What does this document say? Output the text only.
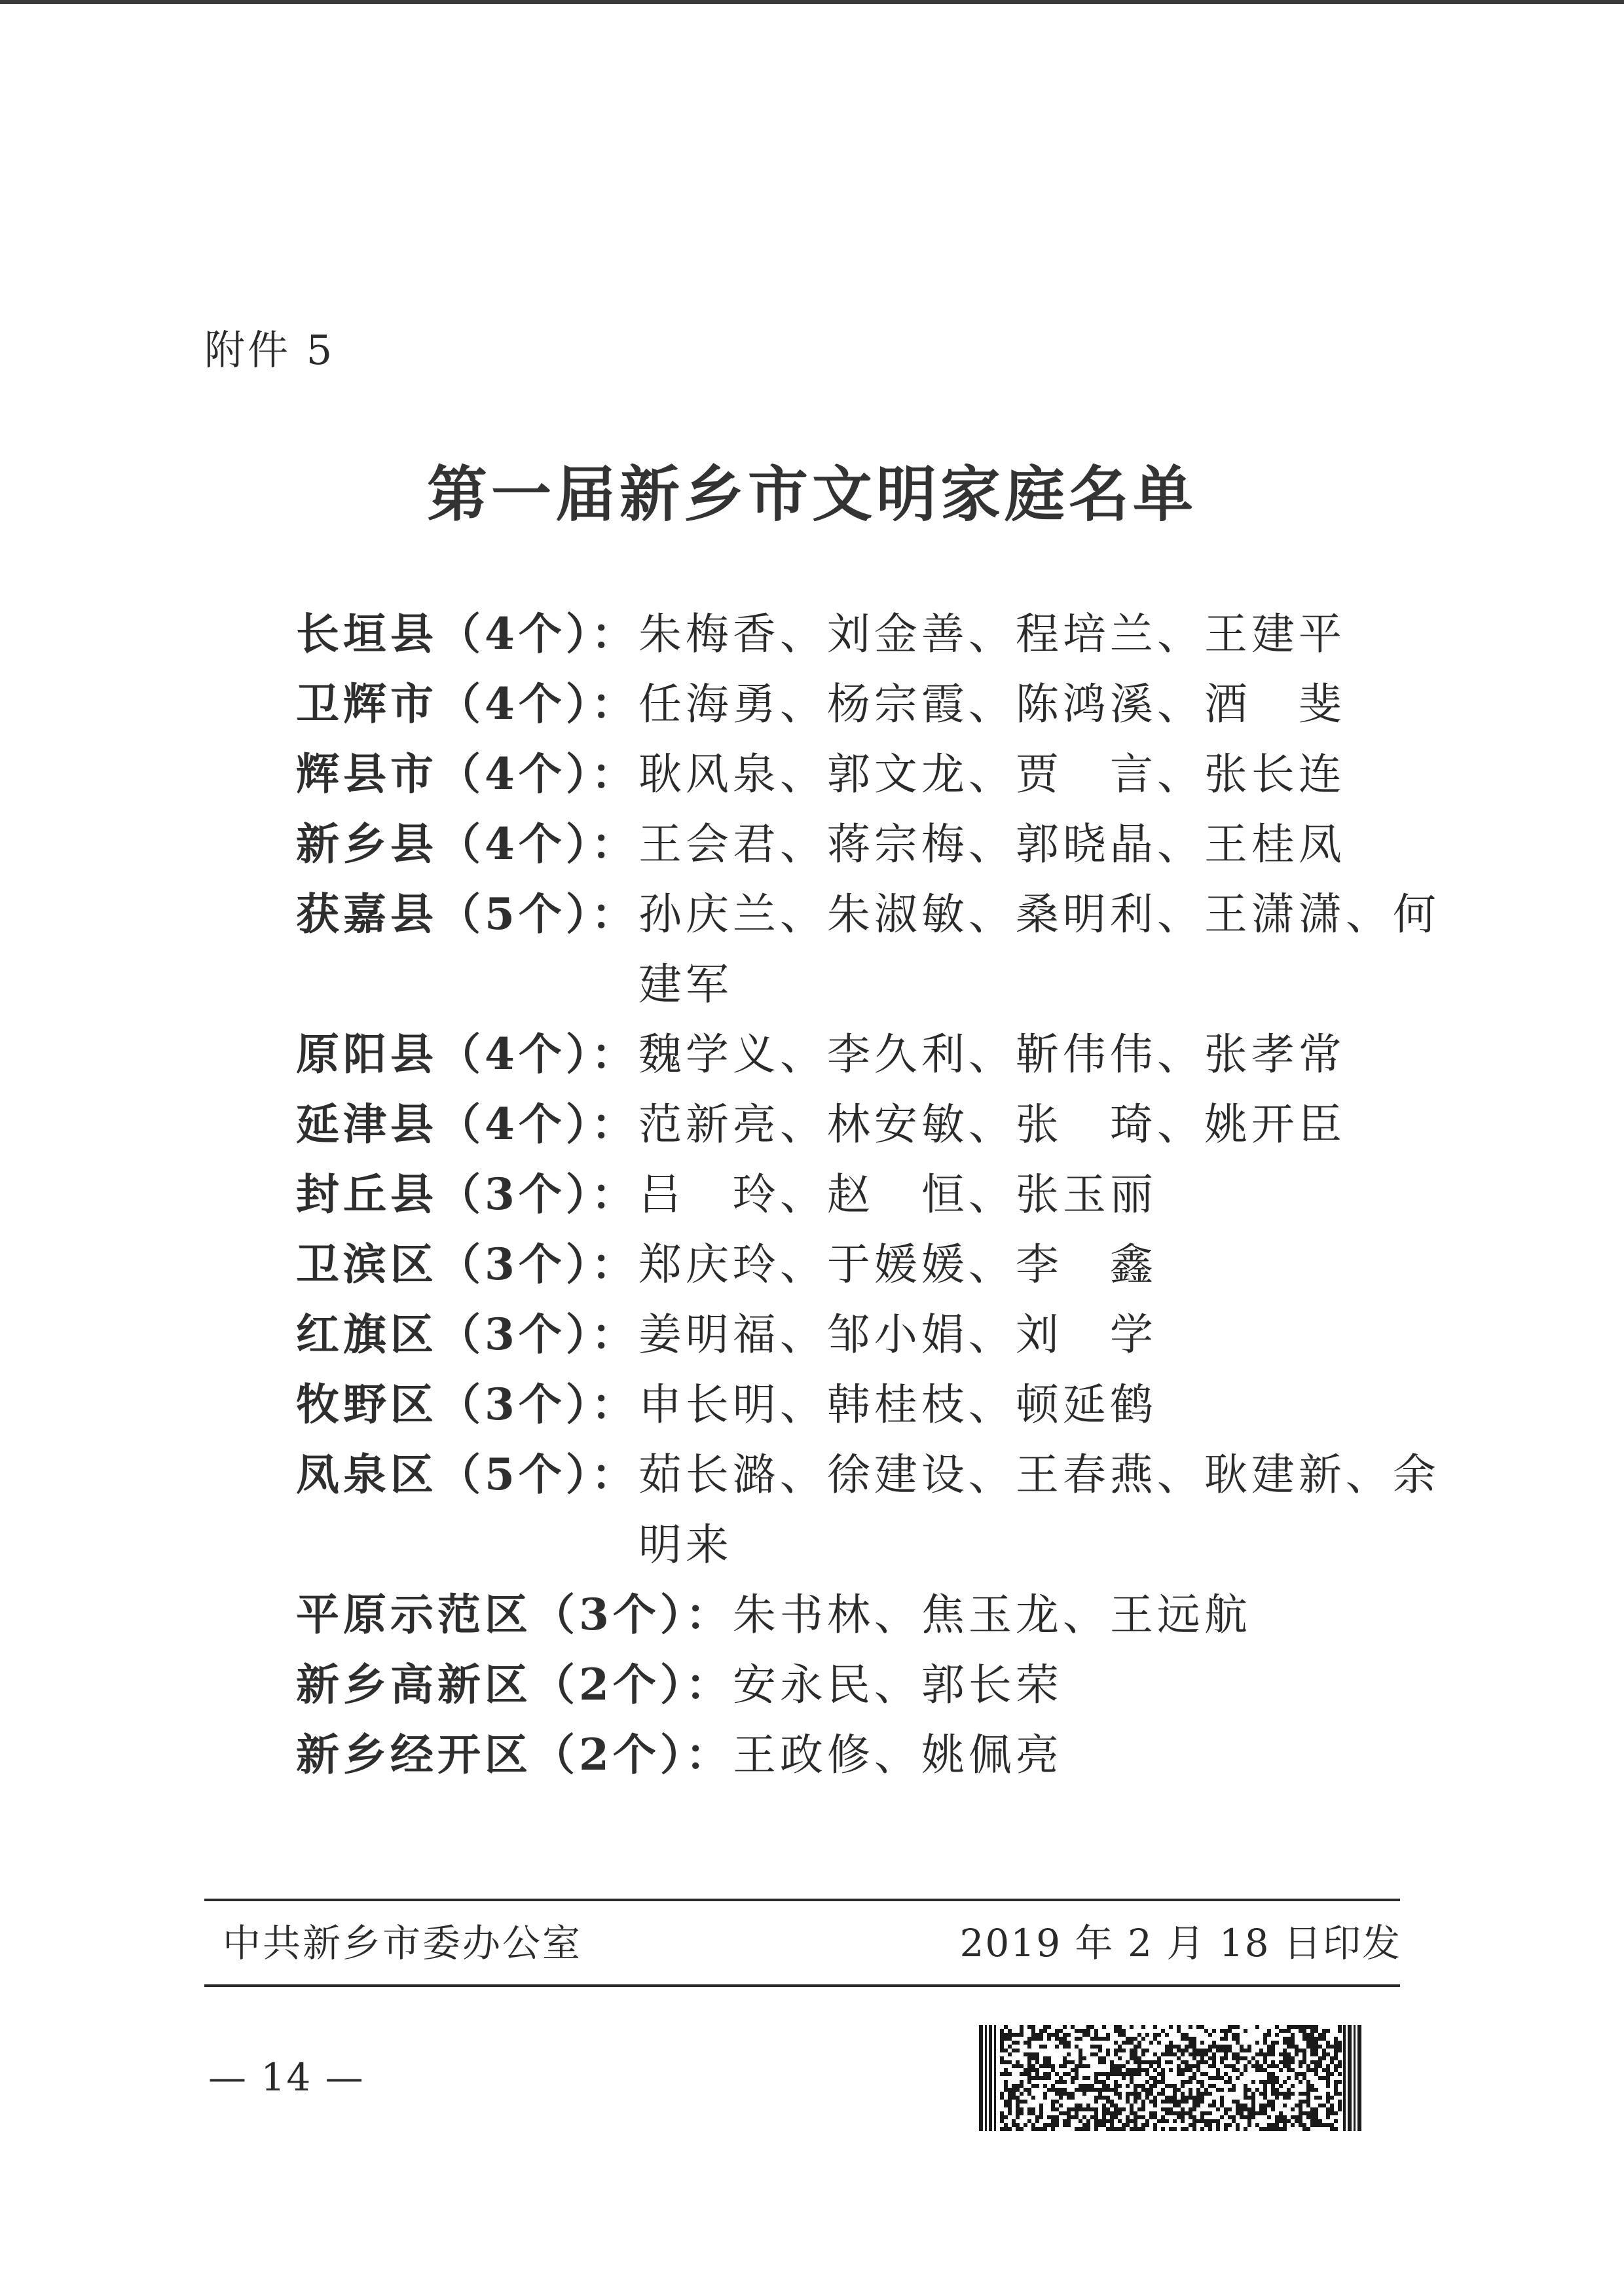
附件 5
第一届新乡市文明家庭名单
长垣县（4个）： 朱梅香、刘金善、程培兰、王建平
卫辉市（4个）： 任海勇、杨宗霞、陈鸿溪、酒　斐
辉县市（4个）： 耿风泉、郭文龙、贾　言、张长连
新乡县（4个）： 王会君、蒋宗梅、郭晓晶、王桂凤
获嘉县（5个）： 孙庆兰、朱淑敏、桑明利、王潇潇、何建军
原阳县（4个）： 魏学义、李久利、靳伟伟、张孝常
延津县（4个）： 范新亮、林安敏、张　琦、姚开臣
封丘县（3个）： 吕　玲、赵　恒、张玉丽
卫滨区（3个）： 郑庆玲、于媛媛、李　鑫
红旗区（3个）： 姜明福、邹小娟、刘　学
牧野区（3个）： 申长明、韩桂枝、顿延鹤
凤泉区（5个）： 茹长潞、徐建设、王春燕、耿建新、余明来
平原示范区（3个）： 朱书林、焦玉龙、王远航
新乡高新区（2个）： 安永民、郭长荣
新乡经开区（2个）： 王政修、姚佩亮
中共新乡市委办公室	2019 年 2 月 18 日印发
— 14 —
